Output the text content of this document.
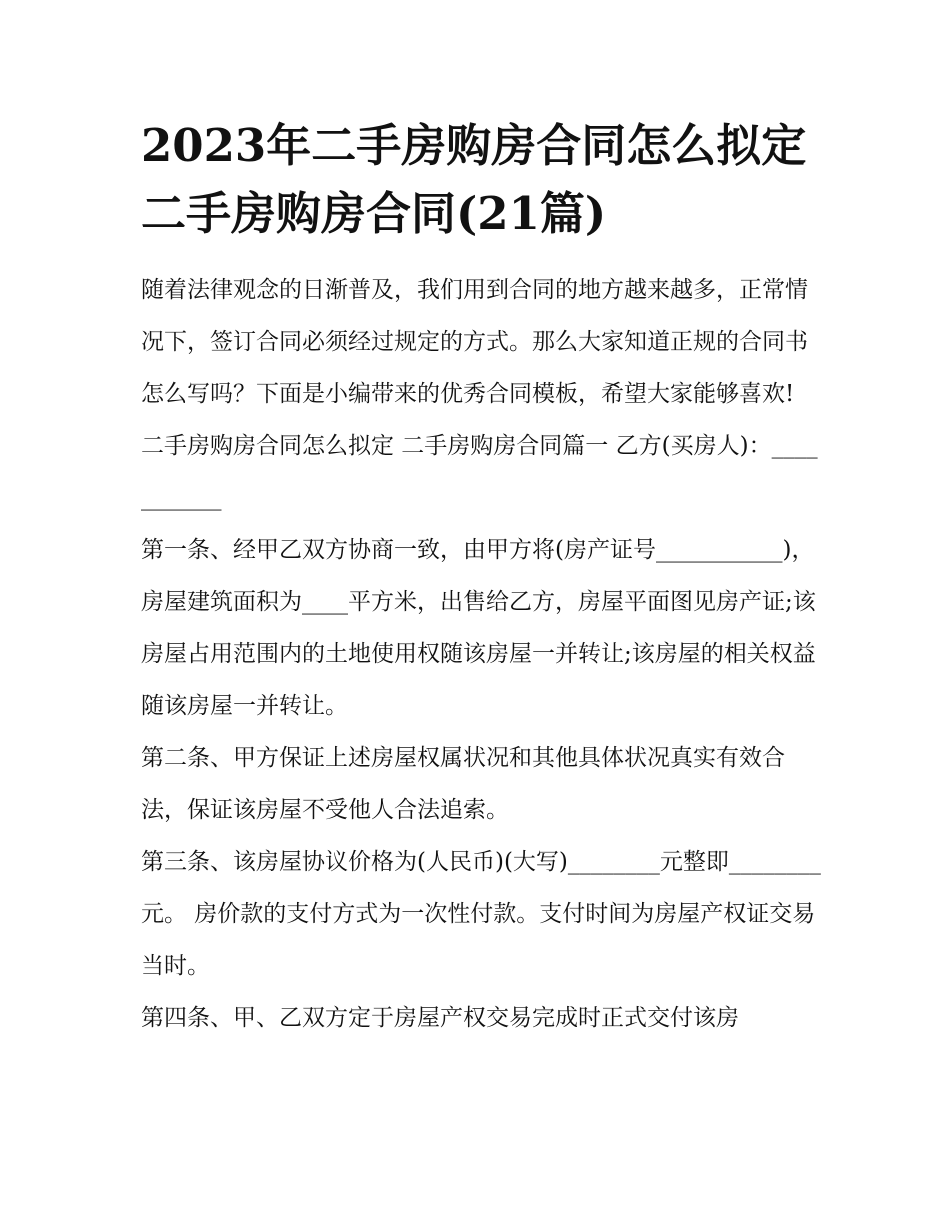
2023年二手房购房合同怎么拟定 二手房购房合同(21篇)

随着法律观念的日渐普及，我们用到合同的地方越来越多，正常情况下，签订合同必须经过规定的方式。那么大家知道正规的合同书怎么写吗？下面是小编带来的优秀合同模板，希望大家能够喜欢!

二手房购房合同怎么拟定 二手房购房合同篇一 乙方(买房人)：___________

第一条、经甲乙双方协商一致，由甲方将(房产证号___________)，房屋建筑面积为____平方米，出售给乙方，房屋平面图见房产证;该房屋占用范围内的土地使用权随该房屋一并转让;该房屋的相关权益随该房屋一并转让。

第二条、甲方保证上述房屋权属状况和其他具体状况真实有效合法，保证该房屋不受他人合法追索。

第三条、该房屋协议价格为(人民币)(大写)________元整即________元。 房价款的支付方式为一次性付款。支付时间为房屋产权证交易当时。

第四条、甲、乙双方定于房屋产权交易完成时正式交付该房
